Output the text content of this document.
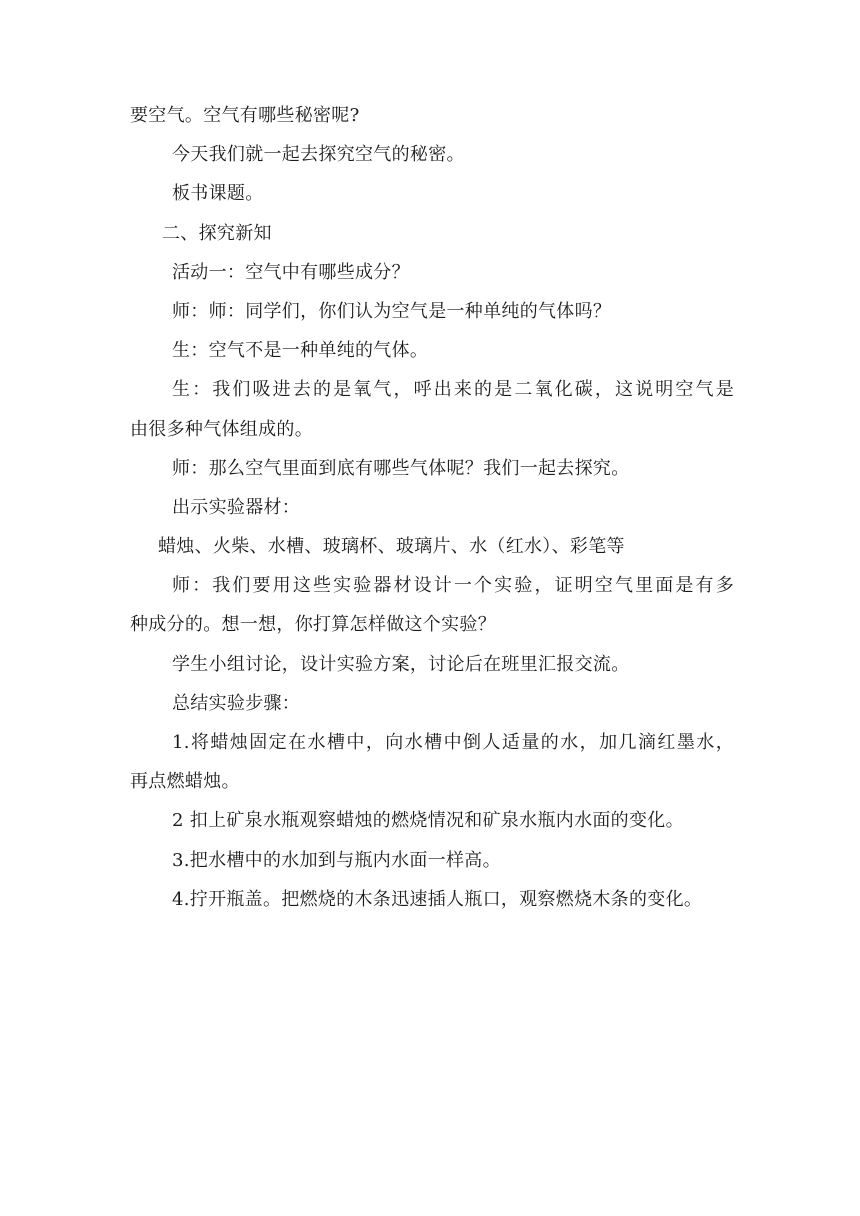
要空气。空气有哪些秘密呢?
今天我们就一起去探究空气的秘密。
板书课题。
二、探究新知
活动一：空气中有哪些成分？
师：师：同学们，你们认为空气是一种单纯的气体吗？
生：空气不是一种单纯的气体。
生：我们吸进去的是氧气，呼出来的是二氧化碳，这说明空气是
由很多种气体组成的。
师：那么空气里面到底有哪些气体呢？我们一起去探究。
出示实验器材：
蜡烛、火柴、水槽、玻璃杯、玻璃片、水（红水）、彩笔等
师：我们要用这些实验器材设计一个实验，证明空气里面是有多
种成分的。想一想，你打算怎样做这个实验？
学生小组讨论，设计实验方案，讨论后在班里汇报交流。
总结实验步骤：
1.将蜡烛固定在水槽中，向水槽中倒人适量的水，加几滴红墨水，
再点燃蜡烛。
2 扣上矿泉水瓶观察蜡烛的燃烧情况和矿泉水瓶内水面的变化。
3.把水槽中的水加到与瓶内水面一样高。
4.拧开瓶盖。把燃烧的木条迅速插人瓶口，观察燃烧木条的变化。
